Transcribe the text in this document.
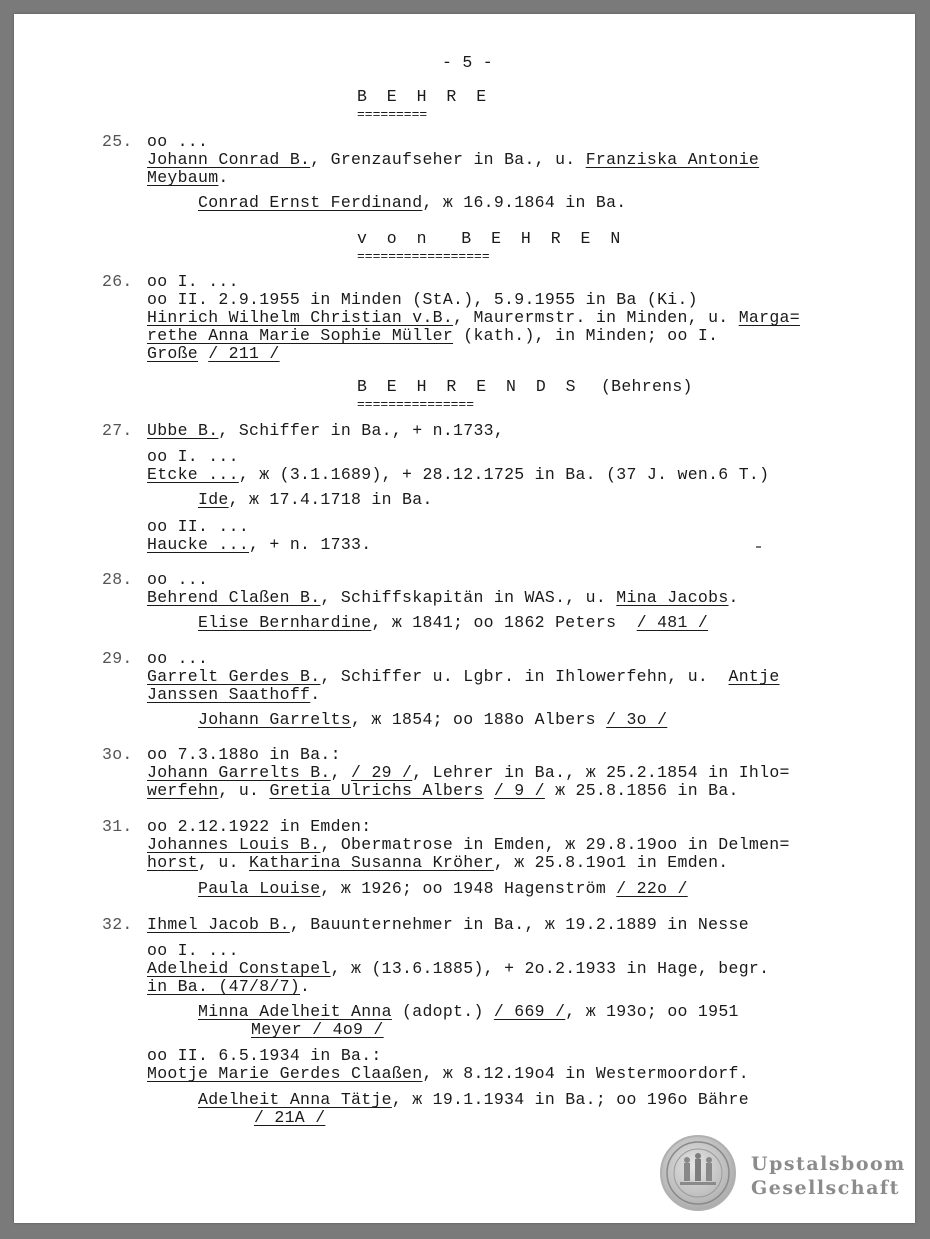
- 5 -
B E H R E
=========
25. oo ...
Johann Conrad B., Grenzaufseher in Ba., u. Franziska Antonie
Meybaum.
Conrad Ernst Ferdinand, ж 16.9.1864 in Ba.
v o n  B E H R E N
=================
26. oo I. ...
oo II. 2.9.1955 in Minden (StA.), 5.9.1955 in Ba (Ki.)
Hinrich Wilhelm Christian v.B., Maurermstr. in Minden, u. Marga=
rethe Anna Marie Sophie Müller (kath.), in Minden; oo I.
Große / 211 /
B E H R E N D S (Behrens)
===============
27. Ubbe B., Schiffer in Ba., + n.1733,
oo I. ...
Etcke ..., ж (3.1.1689), + 28.12.1725 in Ba. (37 J. wen.6 T.)
Ide, ж 17.4.1718 in Ba.
oo II. ...
Haucke ..., + n. 1733.
28. oo ...
Behrend Claßen B., Schiffskapitän in WAS., u. Mina Jacobs.
Elise Bernhardine, ж 1841; oo 1862 Peters  / 481 /
29. oo ...
Garrelt Gerdes B., Schiffer u. Lgbr. in Ihlowerfehn, u.  Antje
Janssen Saathoff.
Johann Garrelts, ж 1854; oo 188o Albers / 3o /
3o. oo 7.3.188o in Ba.:
Johann Garrelts B., / 29 /, Lehrer in Ba., ж 25.2.1854 in Ihlo=
werfehn, u. Gretia Ulrichs Albers / 9 / ж 25.8.1856 in Ba.
31. oo 2.12.1922 in Emden:
Johannes Louis B., Obermatrose in Emden, ж 29.8.19oo in Delmen=
horst, u. Katharina Susanna Kröher, ж 25.8.19o1 in Emden.
Paula Louise, ж 1926; oo 1948 Hagenström / 22o /
32. Ihmel Jacob B., Bauunternehmer in Ba., ж 19.2.1889 in Nesse
oo I. ...
Adelheid Constapel, ж (13.6.1885), + 2o.2.1933 in Hage, begr.
in Ba. (47/8/7).
Minna Adelheit Anna (adopt.) / 669 /, ж 193o; oo 1951
Meyer / 4o9 /
oo II. 6.5.1934 in Ba.:
Mootje Marie Gerdes Claaßen, ж 8.12.19o4 in Westermoordorf.
Adelheit Anna Tätje, ж 19.1.1934 in Ba.; oo 196o Bähre
/ 21A /
Upstalsboom
Gesellschaft
